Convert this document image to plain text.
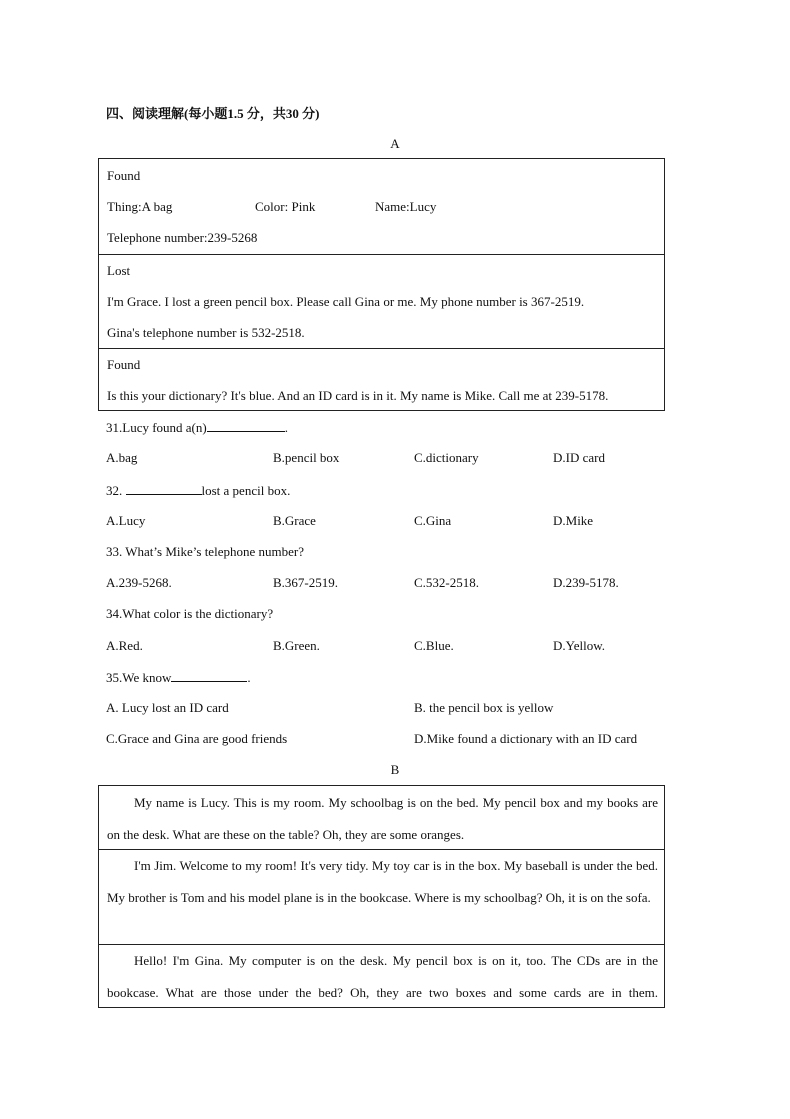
四、阅读理解(每小题1.5 分，共30 分)
A
Found
Thing:A bag	Color: Pink	Name:Lucy
Telephone number:239-5268
Lost
I'm Grace. I lost a green pencil box. Please call Gina or me. My phone number is 367-2519.
Gina's telephone number is 532-2518.
Found
Is this your dictionary? It's blue. And an ID card is in it. My name is Mike. Call me at 239-5178.
31.Lucy found a(n)	.
A.bag	B.pencil box	C.dictionary	D.ID card
32.	lost a pencil box.
A.Lucy	B.Grace	C.Gina	D.Mike
33. What’s Mike’s telephone number?
A.239-5268.	B.367-2519.	C.532-2518.	D.239-5178.
34.What color is the dictionary?
A.Red.	B.Green.	C.Blue.	D.Yellow.
35.We know	.
A. Lucy lost an ID card	B. the pencil box is yellow
C.Grace and Gina are good friends	D.Mike found a dictionary with an ID card
B

My name is Lucy. This is my room. My schoolbag is on the bed. My pencil box and my books are on the desk. What are these on the table? Oh, they are some oranges.

I'm Jim. Welcome to my room! It's very tidy. My toy car is in the box. My baseball is under the bed. My brother is Tom and his model plane is in the bookcase. Where is my schoolbag? Oh, it is on the sofa.

Hello! I'm Gina. My computer is on the desk. My pencil box is on it, too. The CDs are in the bookcase. What are those under the bed? Oh, they are two boxes and some cards are in them.
